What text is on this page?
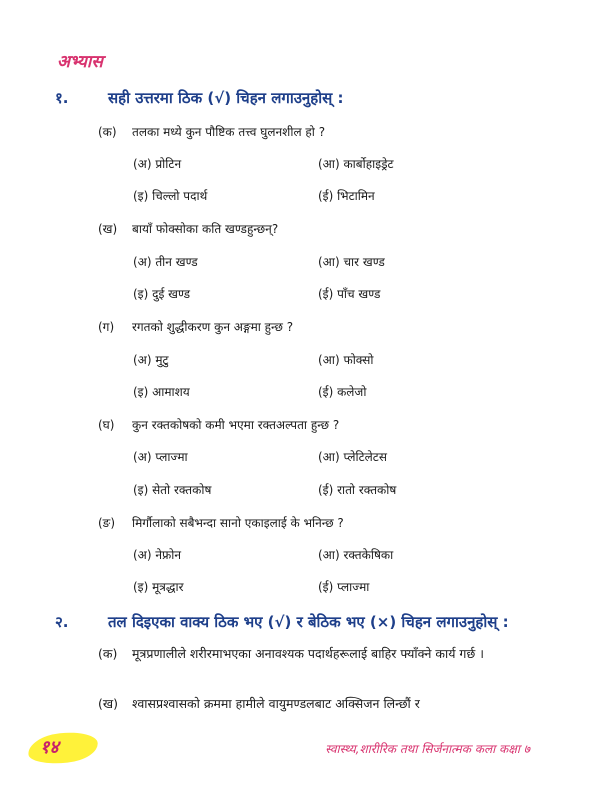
अभ्यास
१.	सही उत्तरमा ठिक (√) चिहन लगाउनुहोस् :
(क) तलका मध्ये कुन पौष्टिक तत्त्व घुलनशील हो ?
(अ) प्रोटिन	(आ) कार्बोहाइड्रेट
(इ) चिल्लो पदार्थ	(ई) भिटामिन
(ख) बायाँ फोक्सोका कति खण्डहुन्छन्?
(अ) तीन खण्ड	(आ) चार खण्ड
(इ) दुई खण्ड	(ई) पाँच खण्ड
(ग) रगतको शुद्धीकरण कुन अङ्गमा हुन्छ ?
(अ) मुटु	(आ) फोक्सो
(इ) आमाशय	(ई) कलेजो
(घ) कुन रक्तकोषको कमी भएमा रक्तअल्पता हुन्छ ?
(अ) प्लाज्मा	(आ) प्लेटिलेटस
(इ) सेतो रक्तकोष	(ई) रातो रक्तकोष
(ङ) मिर्गौलाको सबैभन्दा सानो एकाइलाई के भनिन्छ ?
(अ) नेफ्रोन	(आ) रक्तकेषिका
(इ) मूत्रद्धार	(ई) प्लाज्मा
२.	तल दिइएका वाक्य ठिक भए (√) र बेठिक भए (×) चिहन लगाउनुहोस् :
(क) मूत्रप्रणालीले शरीरमाभएका अनावश्यक पदार्थहरूलाई बाहिर फ्याँक्ने कार्य गर्छ ।
(ख) श्वासप्रश्वासको क्रममा हामीले वायुमण्डलबाट अक्सिजन लिन्छौं र
१४	स्वास्थ्य,शारीरिक तथा सिर्जनात्मक कला कक्षा ७
